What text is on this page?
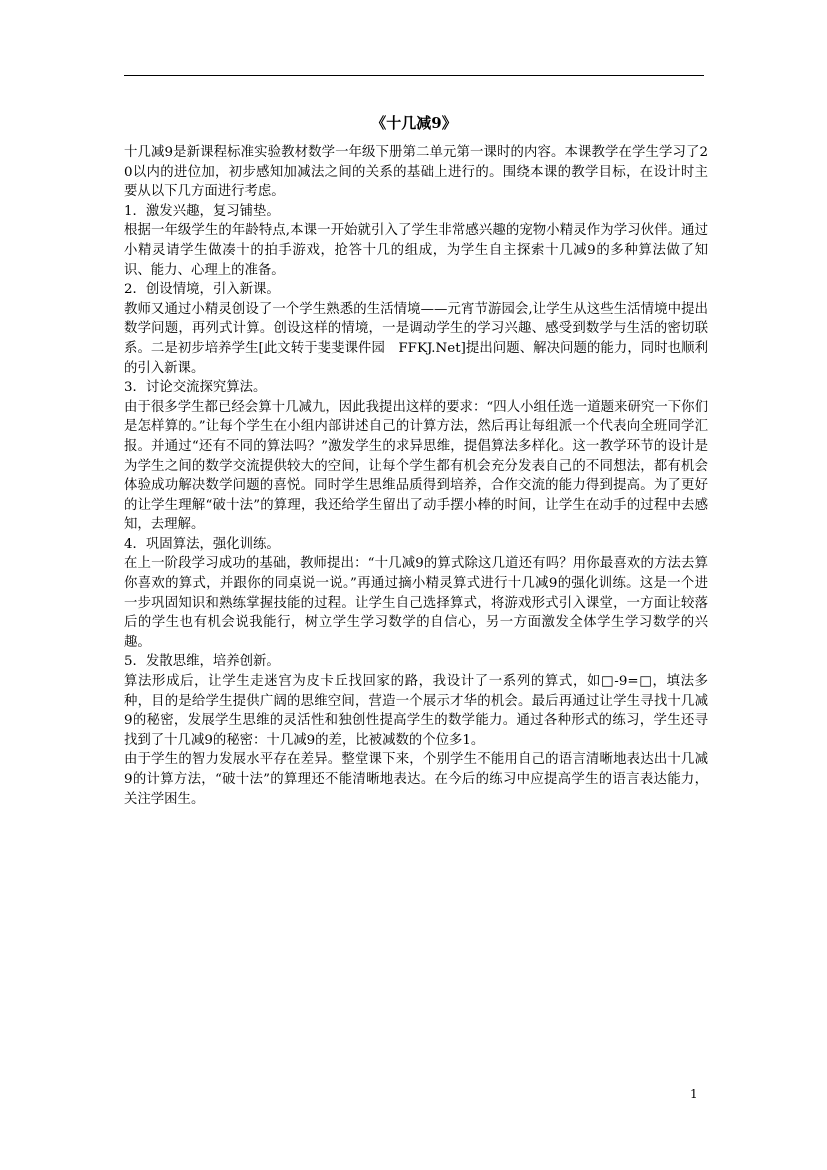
《十几减9》

十几减9是新课程标准实验教材数学一年级下册第二单元第一课时的内容。本课教学在学生学习了20以内的进位加，初步感知加减法之间的关系的基础上进行的。围绕本课的教学目标，在设计时主要从以下几方面进行考虑。

1．激发兴趣，复习铺垫。

根据一年级学生的年龄特点,本课一开始就引入了学生非常感兴趣的宠物小精灵作为学习伙伴。通过小精灵请学生做凑十的拍手游戏，抢答十几的组成，为学生自主探索十几减9的多种算法做了知识、能力、心理上的准备。

2．创设情境，引入新课。

教师又通过小精灵创设了一个学生熟悉的生活情境——元宵节游园会,让学生从这些生活情境中提出数学问题，再列式计算。创设这样的情境，一是调动学生的学习兴趣、感受到数学与生活的密切联系。二是初步培养学生[此文转于斐斐课件园　FFKJ.Net]提出问题、解决问题的能力，同时也顺利的引入新课。

3．讨论交流探究算法。

由于很多学生都已经会算十几减九，因此我提出这样的要求：“四人小组任选一道题来研究一下你们是怎样算的。”让每个学生在小组内部讲述自己的计算方法，然后再让每组派一个代表向全班同学汇报。并通过“还有不同的算法吗？”激发学生的求异思维，提倡算法多样化。这一教学环节的设计是为学生之间的数学交流提供较大的空间，让每个学生都有机会充分发表自己的不同想法，都有机会体验成功解决数学问题的喜悦。同时学生思维品质得到培养，合作交流的能力得到提高。为了更好的让学生理解“破十法”的算理，我还给学生留出了动手摆小棒的时间，让学生在动手的过程中去感知，去理解。

4．巩固算法，强化训练。

在上一阶段学习成功的基础，教师提出：“十几减9的算式除这几道还有吗？用你最喜欢的方法去算你喜欢的算式，并跟你的同桌说一说。”再通过摘小精灵算式进行十几减9的强化训练。这是一个进一步巩固知识和熟练掌握技能的过程。让学生自己选择算式，将游戏形式引入课堂，一方面让较落后的学生也有机会说我能行，树立学生学习数学的自信心，另一方面激发全体学生学习数学的兴趣。

5．发散思维，培养创新。

算法形成后，让学生走迷宫为皮卡丘找回家的路，我设计了一系列的算式，如□-9=□，填法多种，目的是给学生提供广阔的思维空间，营造一个展示才华的机会。最后再通过让学生寻找十几减9的秘密，发展学生思维的灵活性和独创性提高学生的数学能力。通过各种形式的练习，学生还寻找到了十几减9的秘密：十几减9的差，比被减数的个位多1。

由于学生的智力发展水平存在差异。整堂课下来，个别学生不能用自己的语言清晰地表达出十几减9的计算方法，“破十法”的算理还不能清晰地表达。在今后的练习中应提高学生的语言表达能力，关注学困生。

1
